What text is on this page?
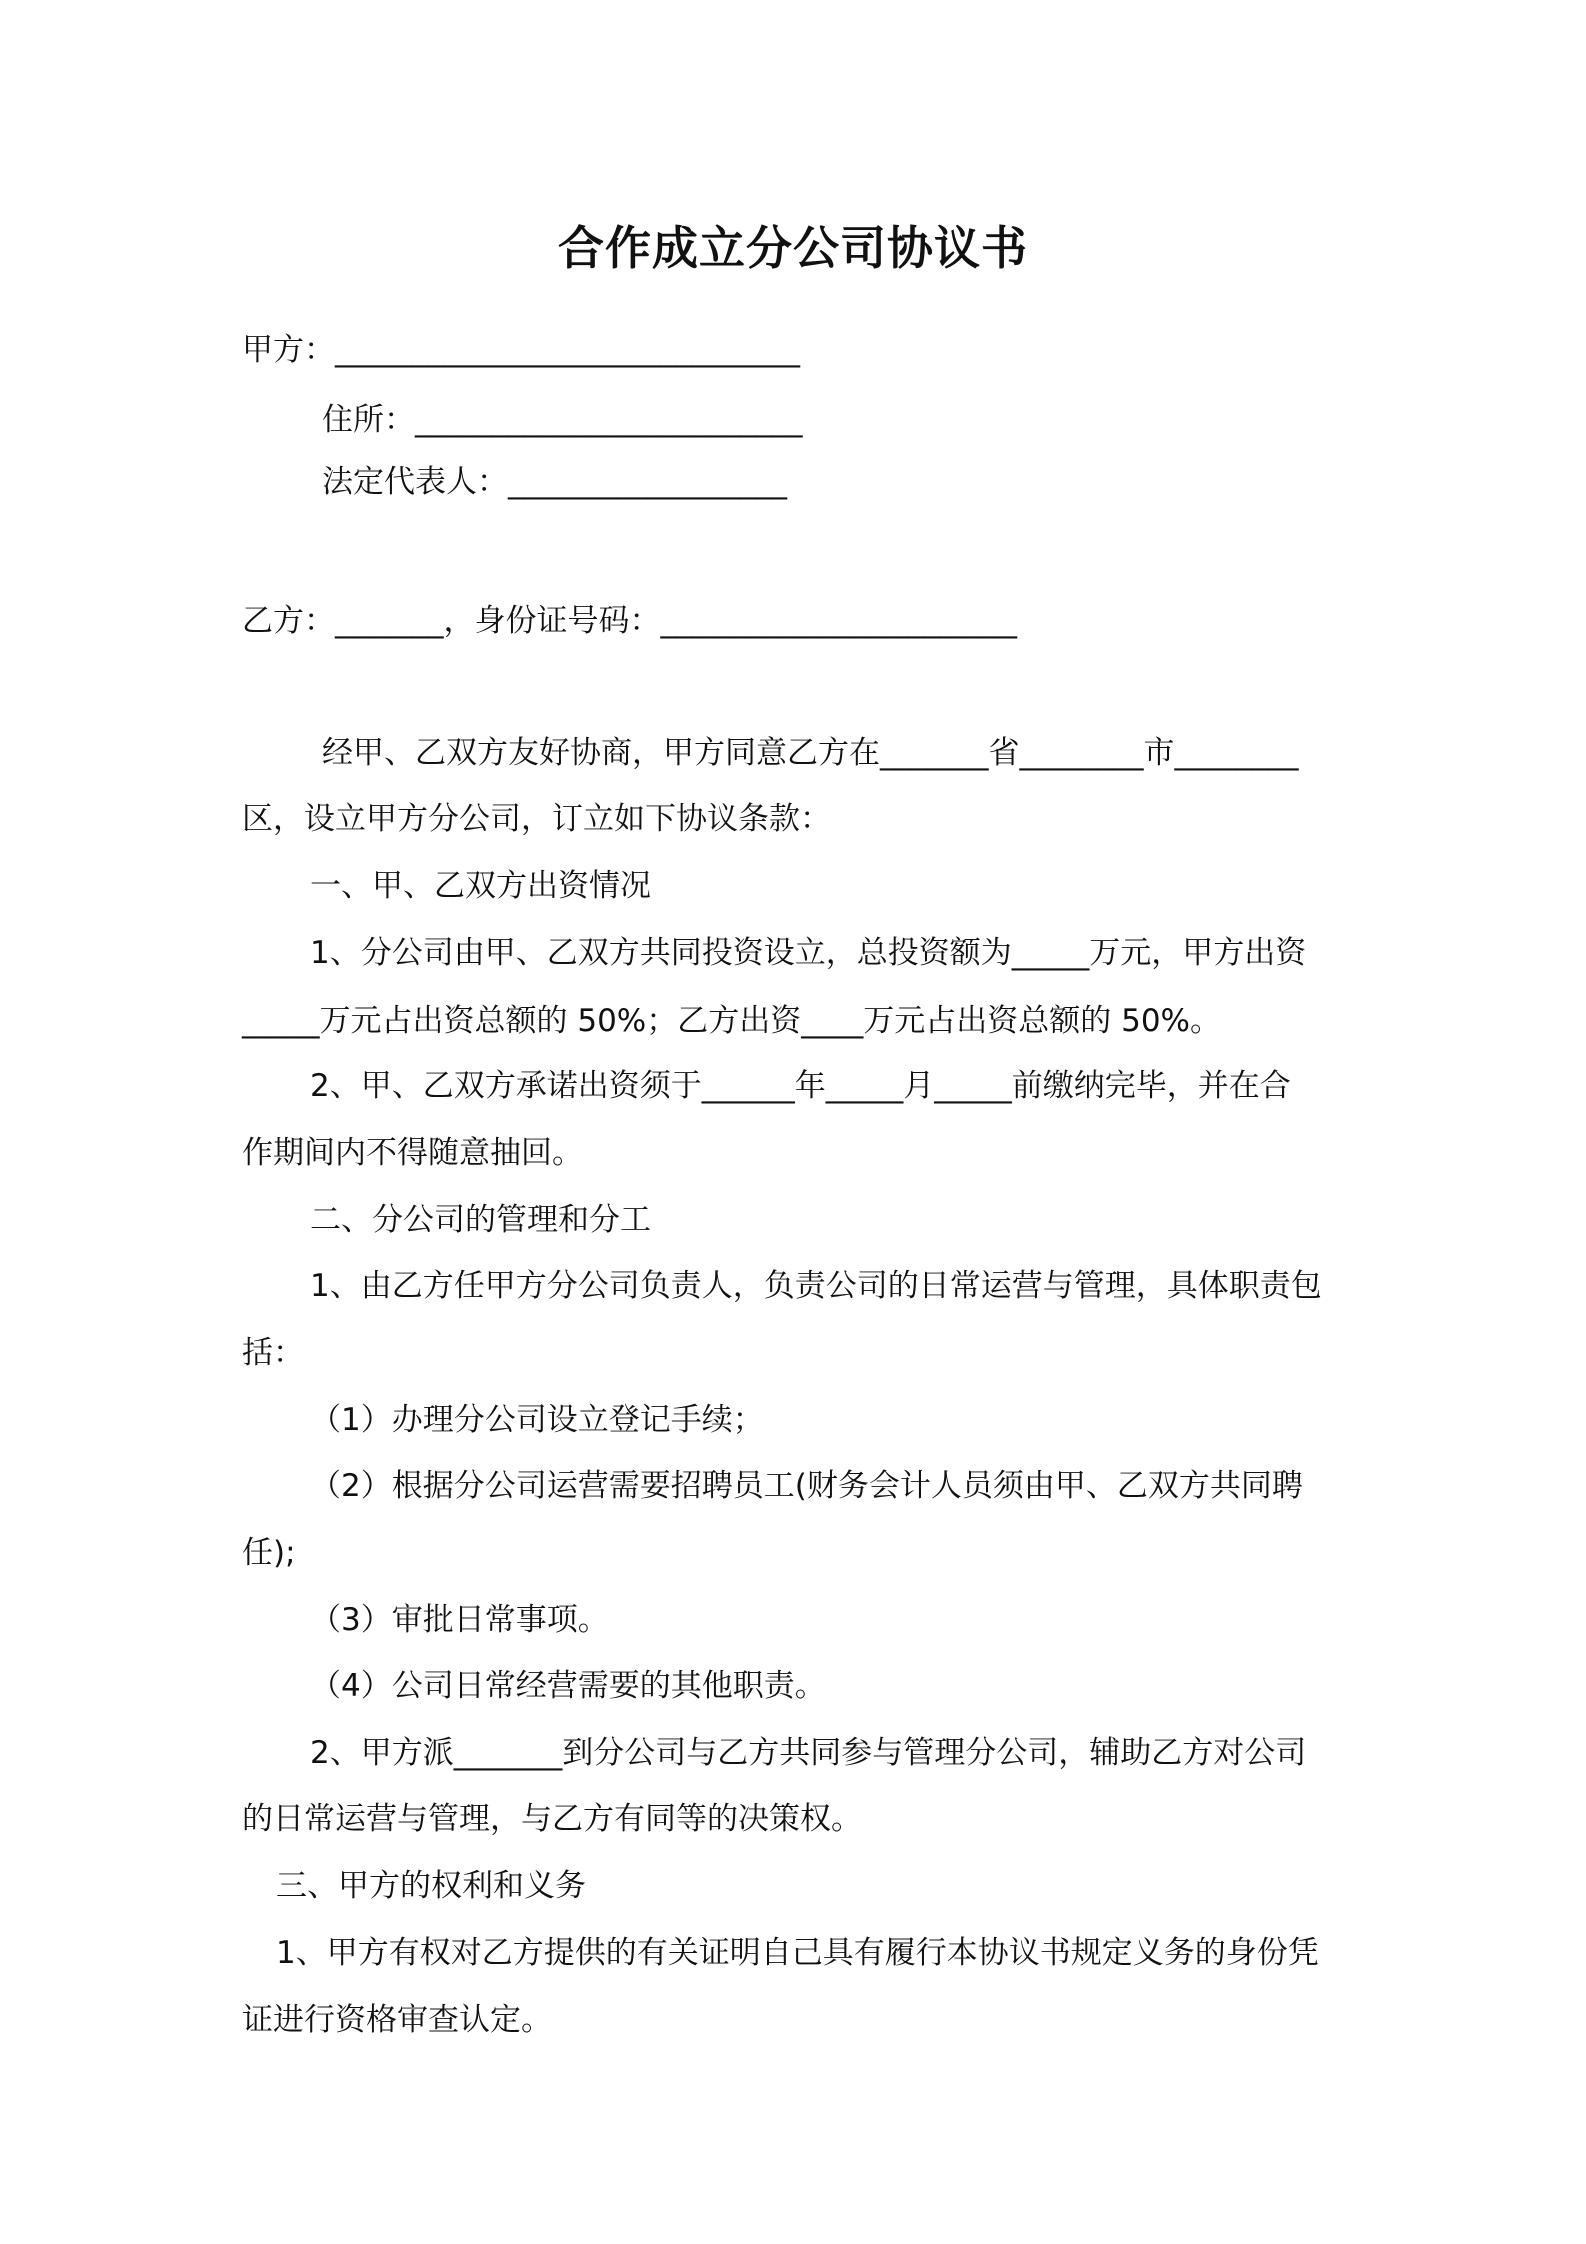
合作成立分公司协议书
甲方：______________________________
住所：_________________________
法定代表人：__________________
乙方：_______，身份证号码：_______________________
经甲、乙双方友好协商，甲方同意乙方在_______省________市________
区，设立甲方分公司，订立如下协议条款：
一、甲、乙双方出资情况
1、分公司由甲、乙双方共同投资设立，总投资额为_____万元，甲方出资
_____万元占出资总额的 50%；乙方出资____万元占出资总额的 50%。
2、甲、乙双方承诺出资须于______年_____月_____前缴纳完毕，并在合
作期间内不得随意抽回。
二、分公司的管理和分工
1、由乙方任甲方分公司负责人，负责公司的日常运营与管理，具体职责包
括：
（1）办理分公司设立登记手续；
（2）根据分公司运营需要招聘员工(财务会计人员须由甲、乙双方共同聘
任);
（3）审批日常事项。
（4）公司日常经营需要的其他职责。
2、甲方派_______到分公司与乙方共同参与管理分公司，辅助乙方对公司
的日常运营与管理，与乙方有同等的决策权。
三、甲方的权利和义务
1、甲方有权对乙方提供的有关证明自己具有履行本协议书规定义务的身份凭
证进行资格审查认定。
